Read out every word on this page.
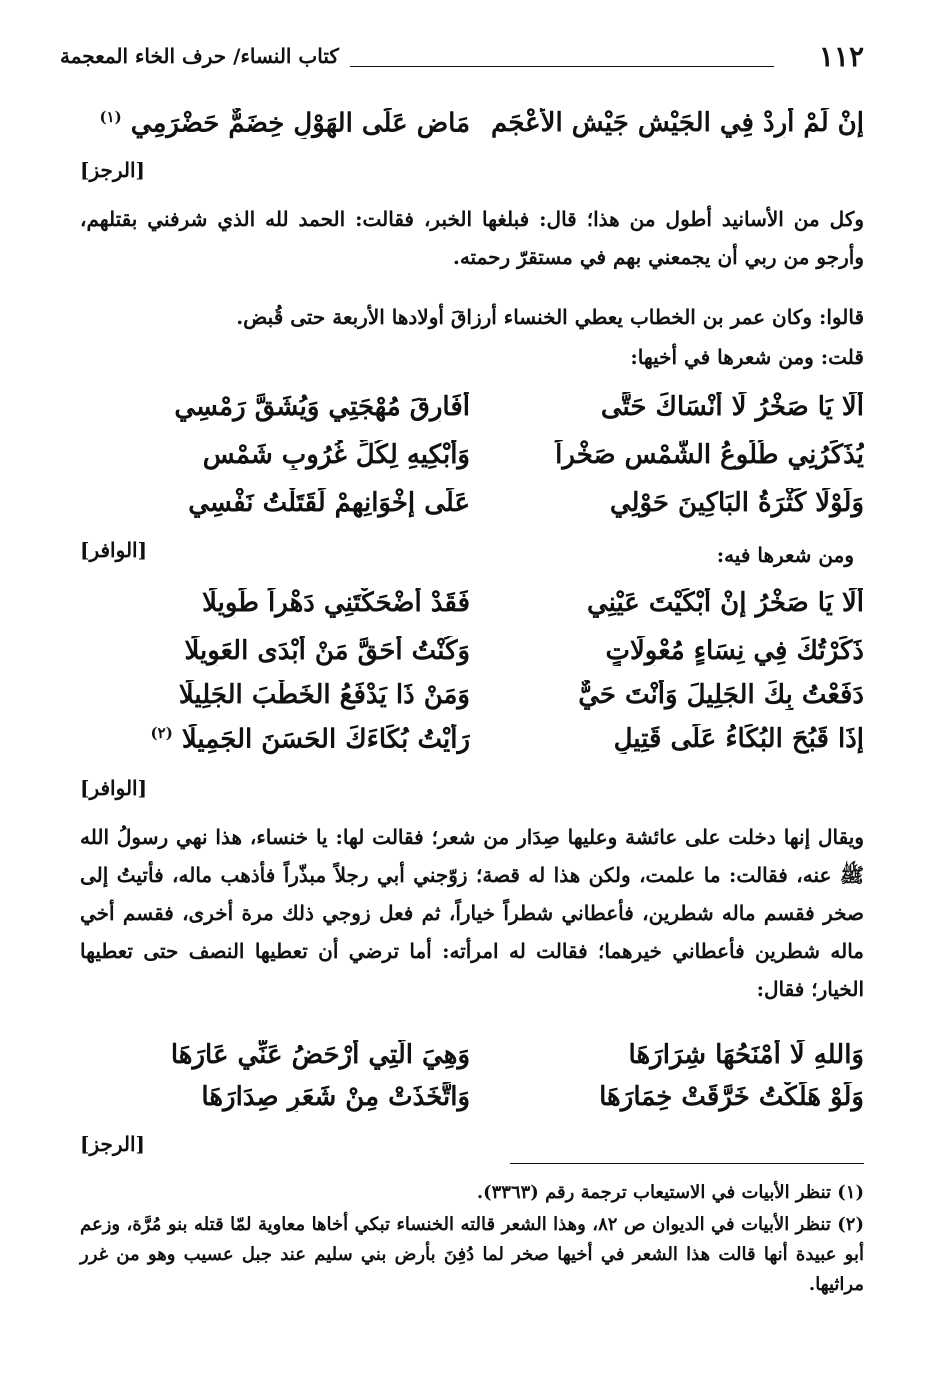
١١٢
كتاب النساء/ حرف الخاء المعجمة
إِنْ لَمْ أُرِدْ فِي الجَيْشِ جَيْشِ الأَعْجَمِ
مَاضٍ عَلَى الهَوْلِ خِضَمٌّ حَضْرَمِي $^{(١)}$
[الرجز]
وكل من الأسانيد أطول من هذا؛ قال: فبلغها الخبر، فقالت: الحمد لله الذي شرفني بقتلهم، وأرجو من ربي أن يجمعني بهم في مستقرّ رحمته.
قالوا: وكان عمر بن الخطاب يعطي الخنساء أرزاقَ أولادها الأربعة حتى قُبض.
قلت: ومن شعرها في أخيها:
أَلَا يَا صَخْرُ لَا أَنْسَاكَ حَتَّى
أُفَارِقَ مُهْجَتِي وَيُشَقَّ رَمْسِي
يُذَكِّرُنِي طُلُوعُ الشَّمْسِ صَخْراً
وَأَبْكِيهِ لِكُلِّ غُرُوبِ شَمْسِ
وَلَوْلَا كَثْرَةُ البَاكِينَ حَوْلِي
عَلَى إِخْوَانِهِمْ لَقَتَلْتُ نَفْسِي
[الوافر]	ومن شعرها فيه:
أَلَا يَا صَخْرُ إِنْ أَبْكَيْتَ عَيْنِي
فَقَدْ أَضْحَكْتَنِي دَهْراً طَوِيلَا
ذَكَرْتُكَ فِي نِسَاءٍ مُعْوِلَاتٍ
وَكُنْتُ أَحَقَّ مَنْ أَبْدَى العَوِيلَا
دَفَعْتُ بِكَ الجَلِيلَ وَأَنْتَ حَيٌّ
وَمَنْ ذَا يَدْفَعُ الخَطْبَ الجَلِيلَا
إِذَا قَبُحَ البُكَاءُ عَلَى قَتِيلٍ
رَأَيْتُ بُكَاءَكَ الحَسَنَ الجَمِيلَا $^{(٢)}$
[الوافر]
ويقال إنها دخلت على عائشة وعليها صِدَار من شعر؛ فقالت لها: يا خنساء، هذا نهي رسولُ الله ﷺ عنه، فقالت: ما علمت، ولكن هذا له قصة؛ زوّجني أبي رجلاً مبذّراً فأذهب ماله، فأتيتُ إلى صخر فقسم ماله شطرين، فأعطاني شطراً خياراً، ثم فعل زوجي ذلك مرة أخرى، فقسم أخي ماله شطرين فأعطاني خيرهما؛ فقالت له امرأته: أما ترضي أن تعطيها النصف حتى تعطيها الخيار؛ فقال:
وَاللهِ لَا أَمْنَحُهَا شِرَارَهَا
وَهِيَ الَّتِي أَرْحَضُ عَنِّي عَارَهَا
وَلَوْ هَلَكْتُ خَرَّقَتْ خِمَارَهَا
وَاتَّخَذَتْ مِنْ شَعَرٍ صِدَارَهَا
[الرجز]
(١) تنظر الأبيات في الاستيعاب ترجمة رقم (٣٣٦٣).
(٢) تنظر الأبيات في الديوان ص ٨٢، وهذا الشعر قالته الخنساء تبكي أخاها معاوية لمّا قتله بنو مُرَّة، وزعم أبو عبيدة أنها قالت هذا الشعر في أخيها صخر لما دُفِنَ بأرض بني سليم عند جبل عسيب وهو من غرر مراثيها.
